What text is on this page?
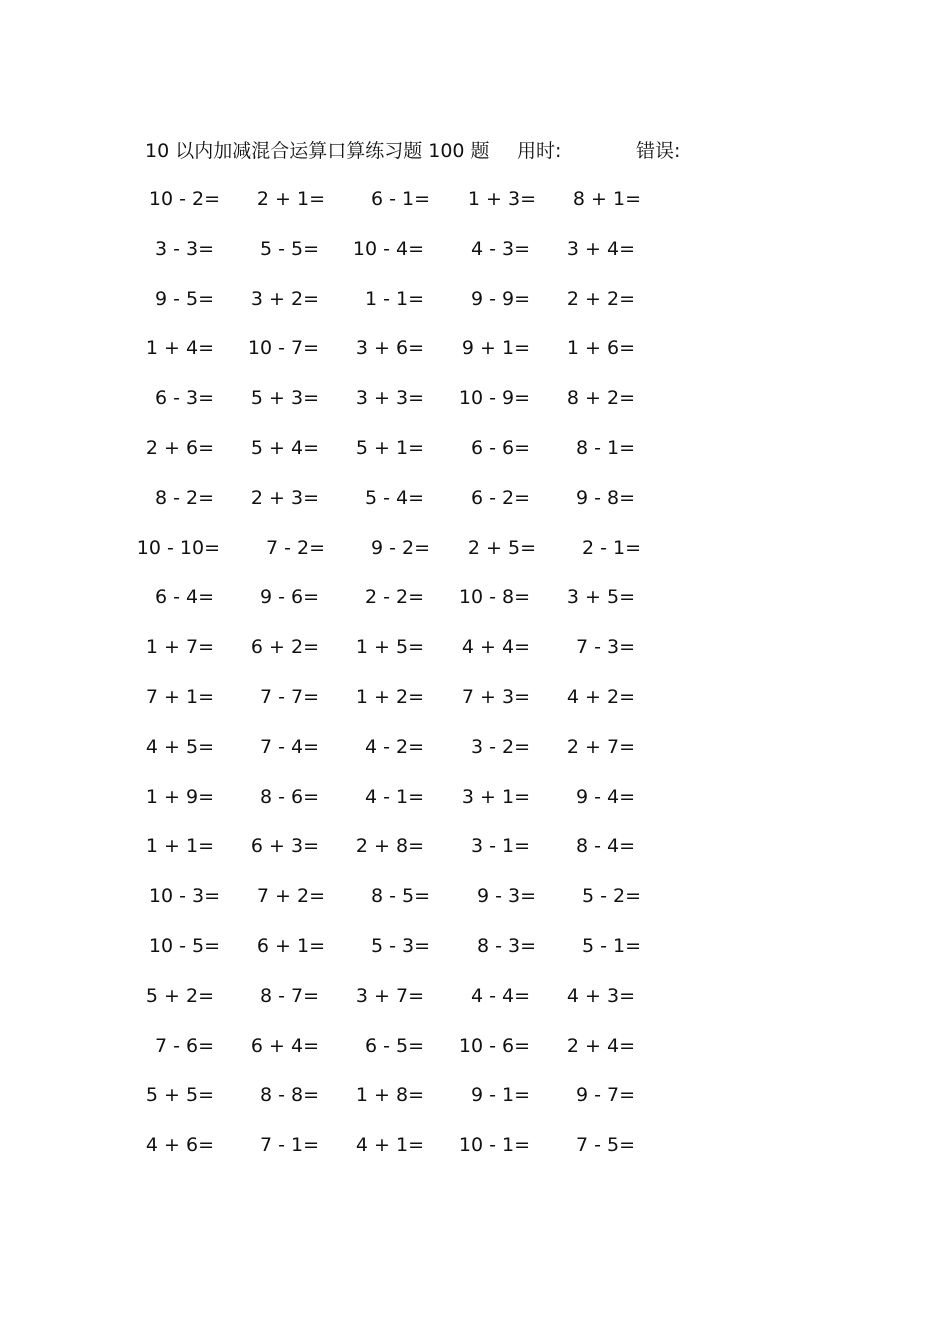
10 以内加减混合运算口算练习题 100 题 用时:	错误:
10 - 2=	2 + 1=	6 - 1=	1 + 3=	8 + 1=
3 - 3=	5 - 5=	10 - 4=	4 - 3=	3 + 4=
9 - 5=	3 + 2=	1 - 1=	9 - 9=	2 + 2=
1 + 4=	10 - 7=	3 + 6=	9 + 1=	1 + 6=
6 - 3=	5 + 3=	3 + 3=	10 - 9=	8 + 2=
2 + 6=	5 + 4=	5 + 1=	6 - 6=	8 - 1=
8 - 2=	2 + 3=	5 - 4=	6 - 2=	9 - 8=
10 - 10=	7 - 2=	9 - 2=	2 + 5=	2 - 1=
6 - 4=	9 - 6=	2 - 2=	10 - 8=	3 + 5=
1 + 7=	6 + 2=	1 + 5=	4 + 4=	7 - 3=
7 + 1=	7 - 7=	1 + 2=	7 + 3=	4 + 2=
4 + 5=	7 - 4=	4 - 2=	3 - 2=	2 + 7=
1 + 9=	8 - 6=	4 - 1=	3 + 1=	9 - 4=
1 + 1=	6 + 3=	2 + 8=	3 - 1=	8 - 4=
10 - 3=	7 + 2=	8 - 5=	9 - 3=	5 - 2=
10 - 5=	6 + 1=	5 - 3=	8 - 3=	5 - 1=
5 + 2=	8 - 7=	3 + 7=	4 - 4=	4 + 3=
7 - 6=	6 + 4=	6 - 5=	10 - 6=	2 + 4=
5 + 5=	8 - 8=	1 + 8=	9 - 1=	9 - 7=
4 + 6=	7 - 1=	4 + 1=	10 - 1=	7 - 5=
